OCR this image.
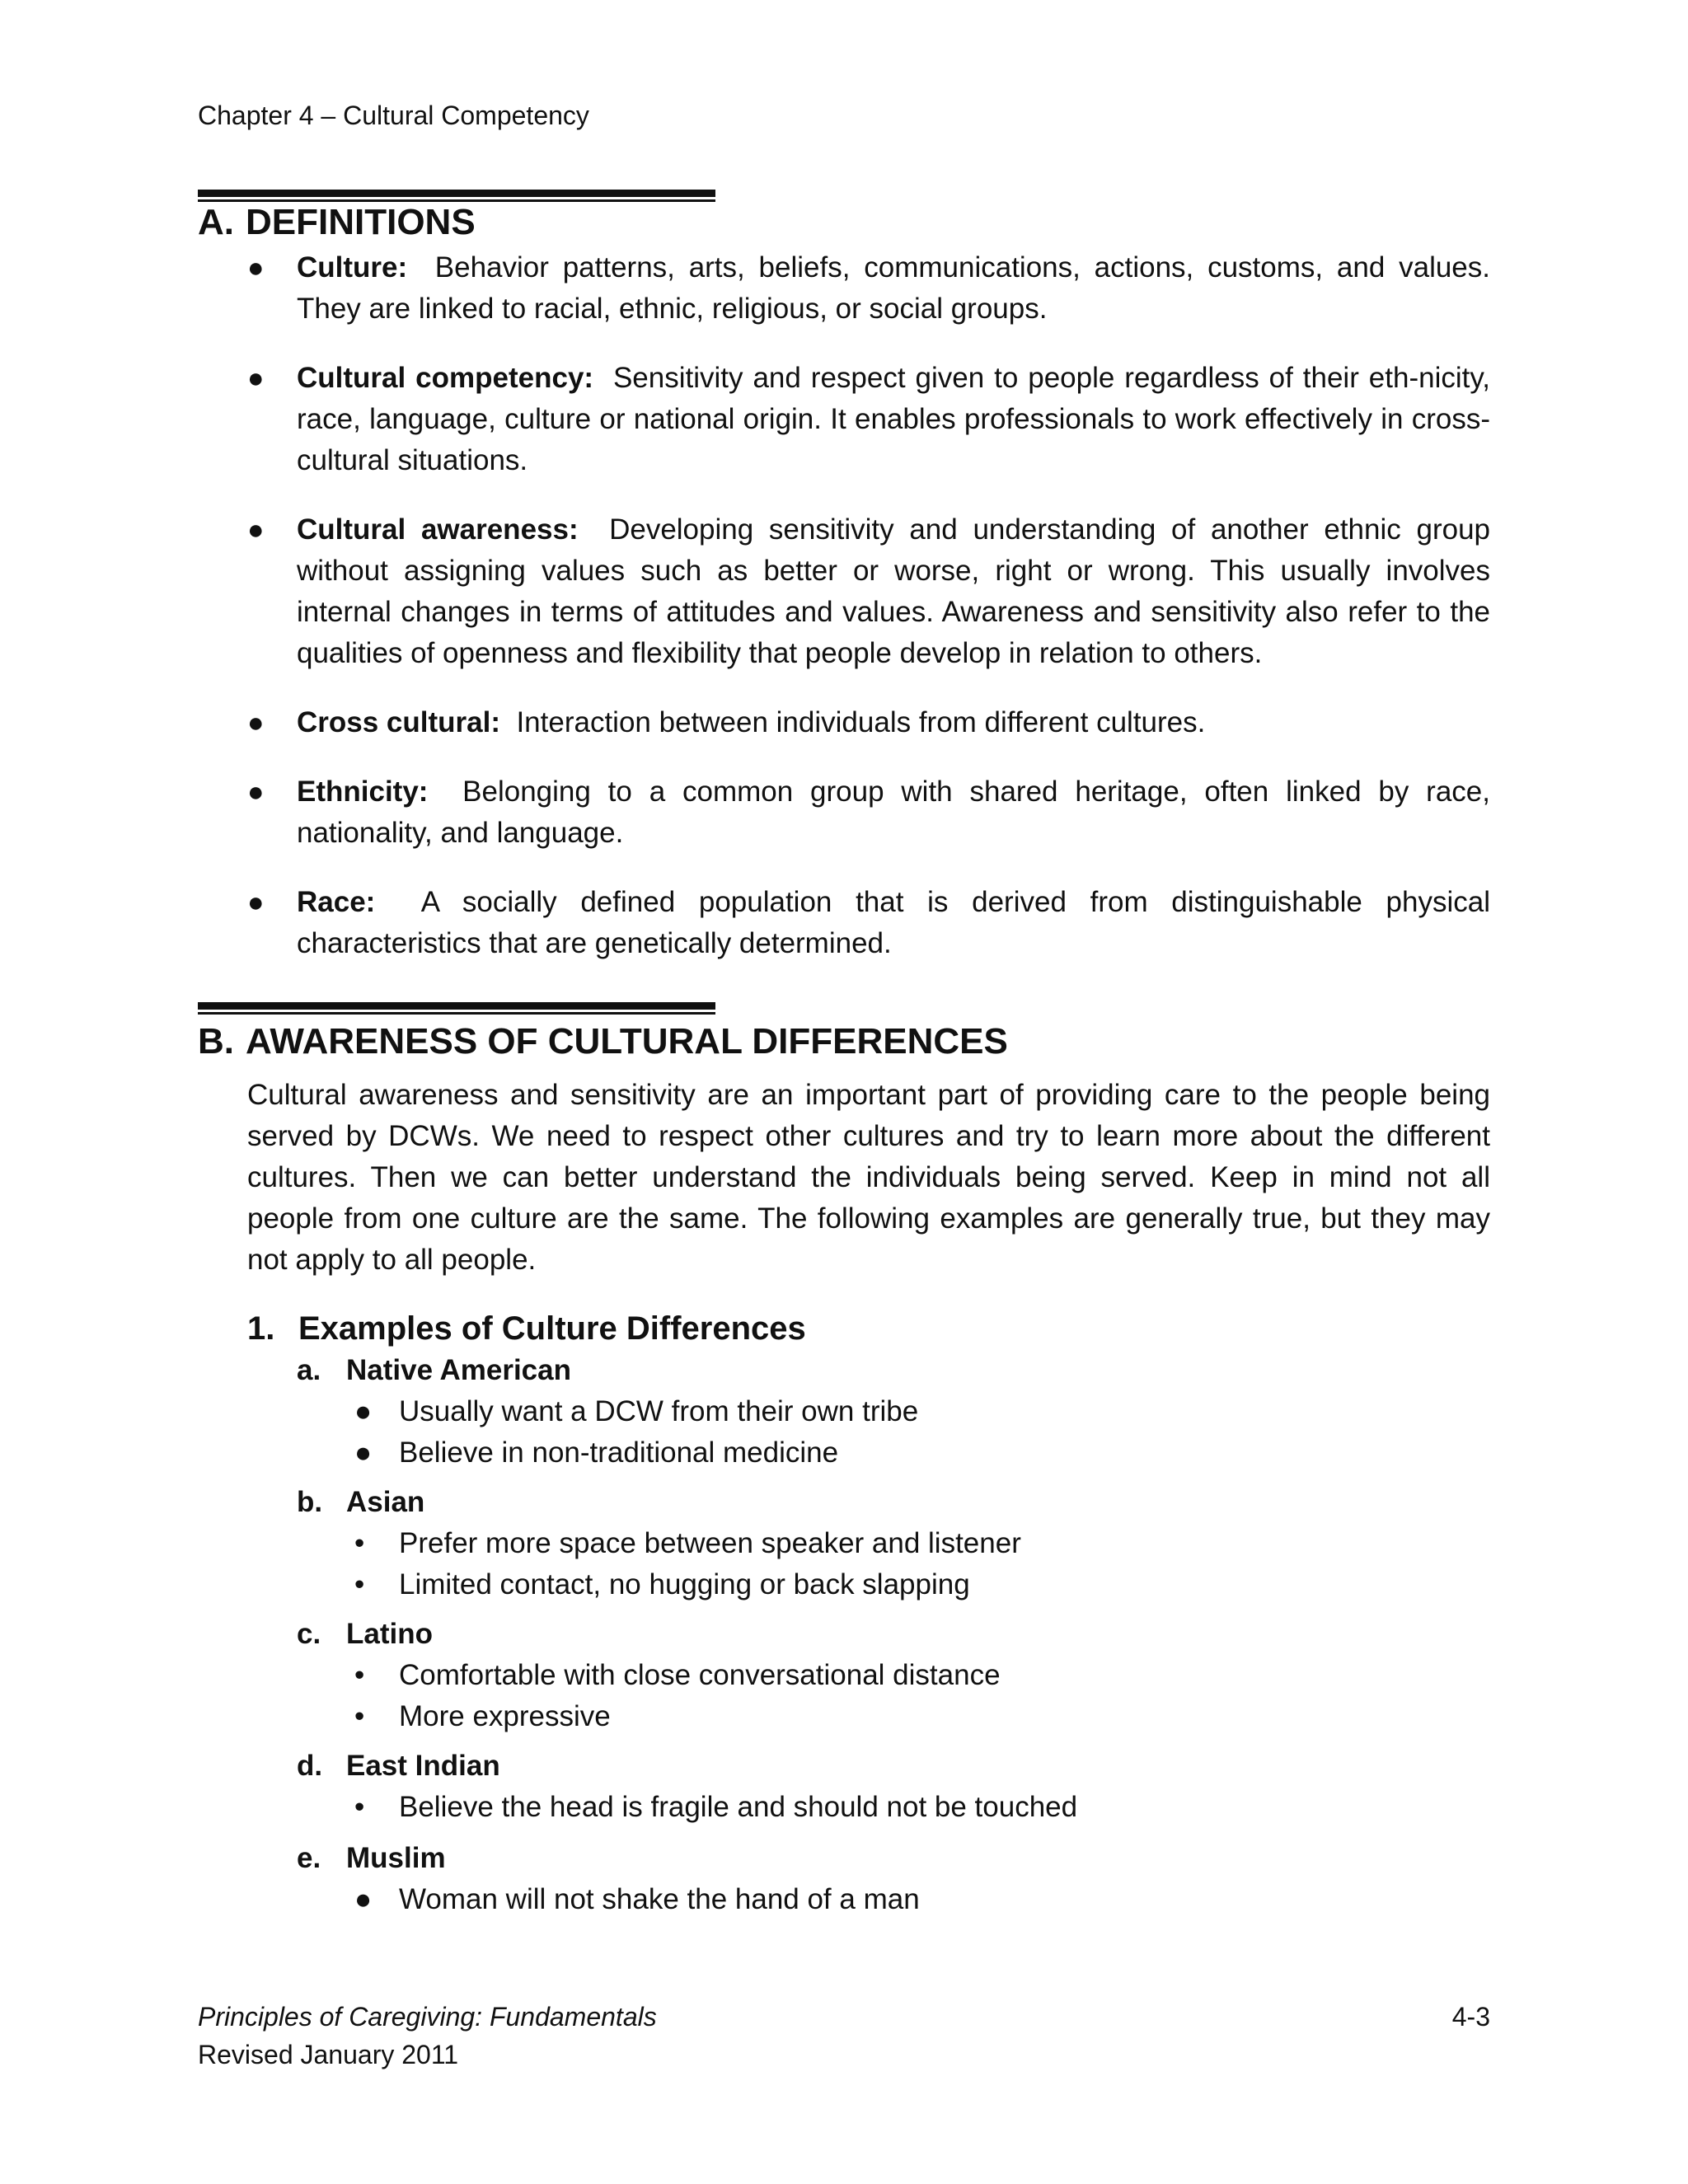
Chapter 4 – Cultural Competency
A. DEFINITIONS
● Culture: Behavior patterns, arts, beliefs, communications, actions, customs, and values. They are linked to racial, ethnic, religious, or social groups.
● Cultural competency: Sensitivity and respect given to people regardless of their eth-nicity, race, language, culture or national origin. It enables professionals to work effectively in cross-cultural situations.
● Cultural awareness: Developing sensitivity and understanding of another ethnic group without assigning values such as better or worse, right or wrong. This usually involves internal changes in terms of attitudes and values. Awareness and sensitivity also refer to the qualities of openness and flexibility that people develop in relation to others.
● Cross cultural: Interaction between individuals from different cultures.
● Ethnicity: Belonging to a common group with shared heritage, often linked by race, nationality, and language.
● Race: A socially defined population that is derived from distinguishable physical characteristics that are genetically determined.
B. AWARENESS OF CULTURAL DIFFERENCES

Cultural awareness and sensitivity are an important part of providing care to the people being served by DCWs. We need to respect other cultures and try to learn more about the different cultures. Then we can better understand the individuals being served. Keep in mind not all people from one culture are the same. The following examples are generally true, but they may not apply to all people.

1. Examples of Culture Differences

a. Native American

● Usually want a DCW from their own tribe
● Believe in non-traditional medicine

b. Asian

• Prefer more space between speaker and listener
• Limited contact, no hugging or back slapping

c. Latino

• Comfortable with close conversational distance
• More expressive

d. East Indian

• Believe the head is fragile and should not be touched

e. Muslim

● Woman will not shake the hand of a man
Principles of Caregiving: Fundamentals
Revised January 2011
4-3
